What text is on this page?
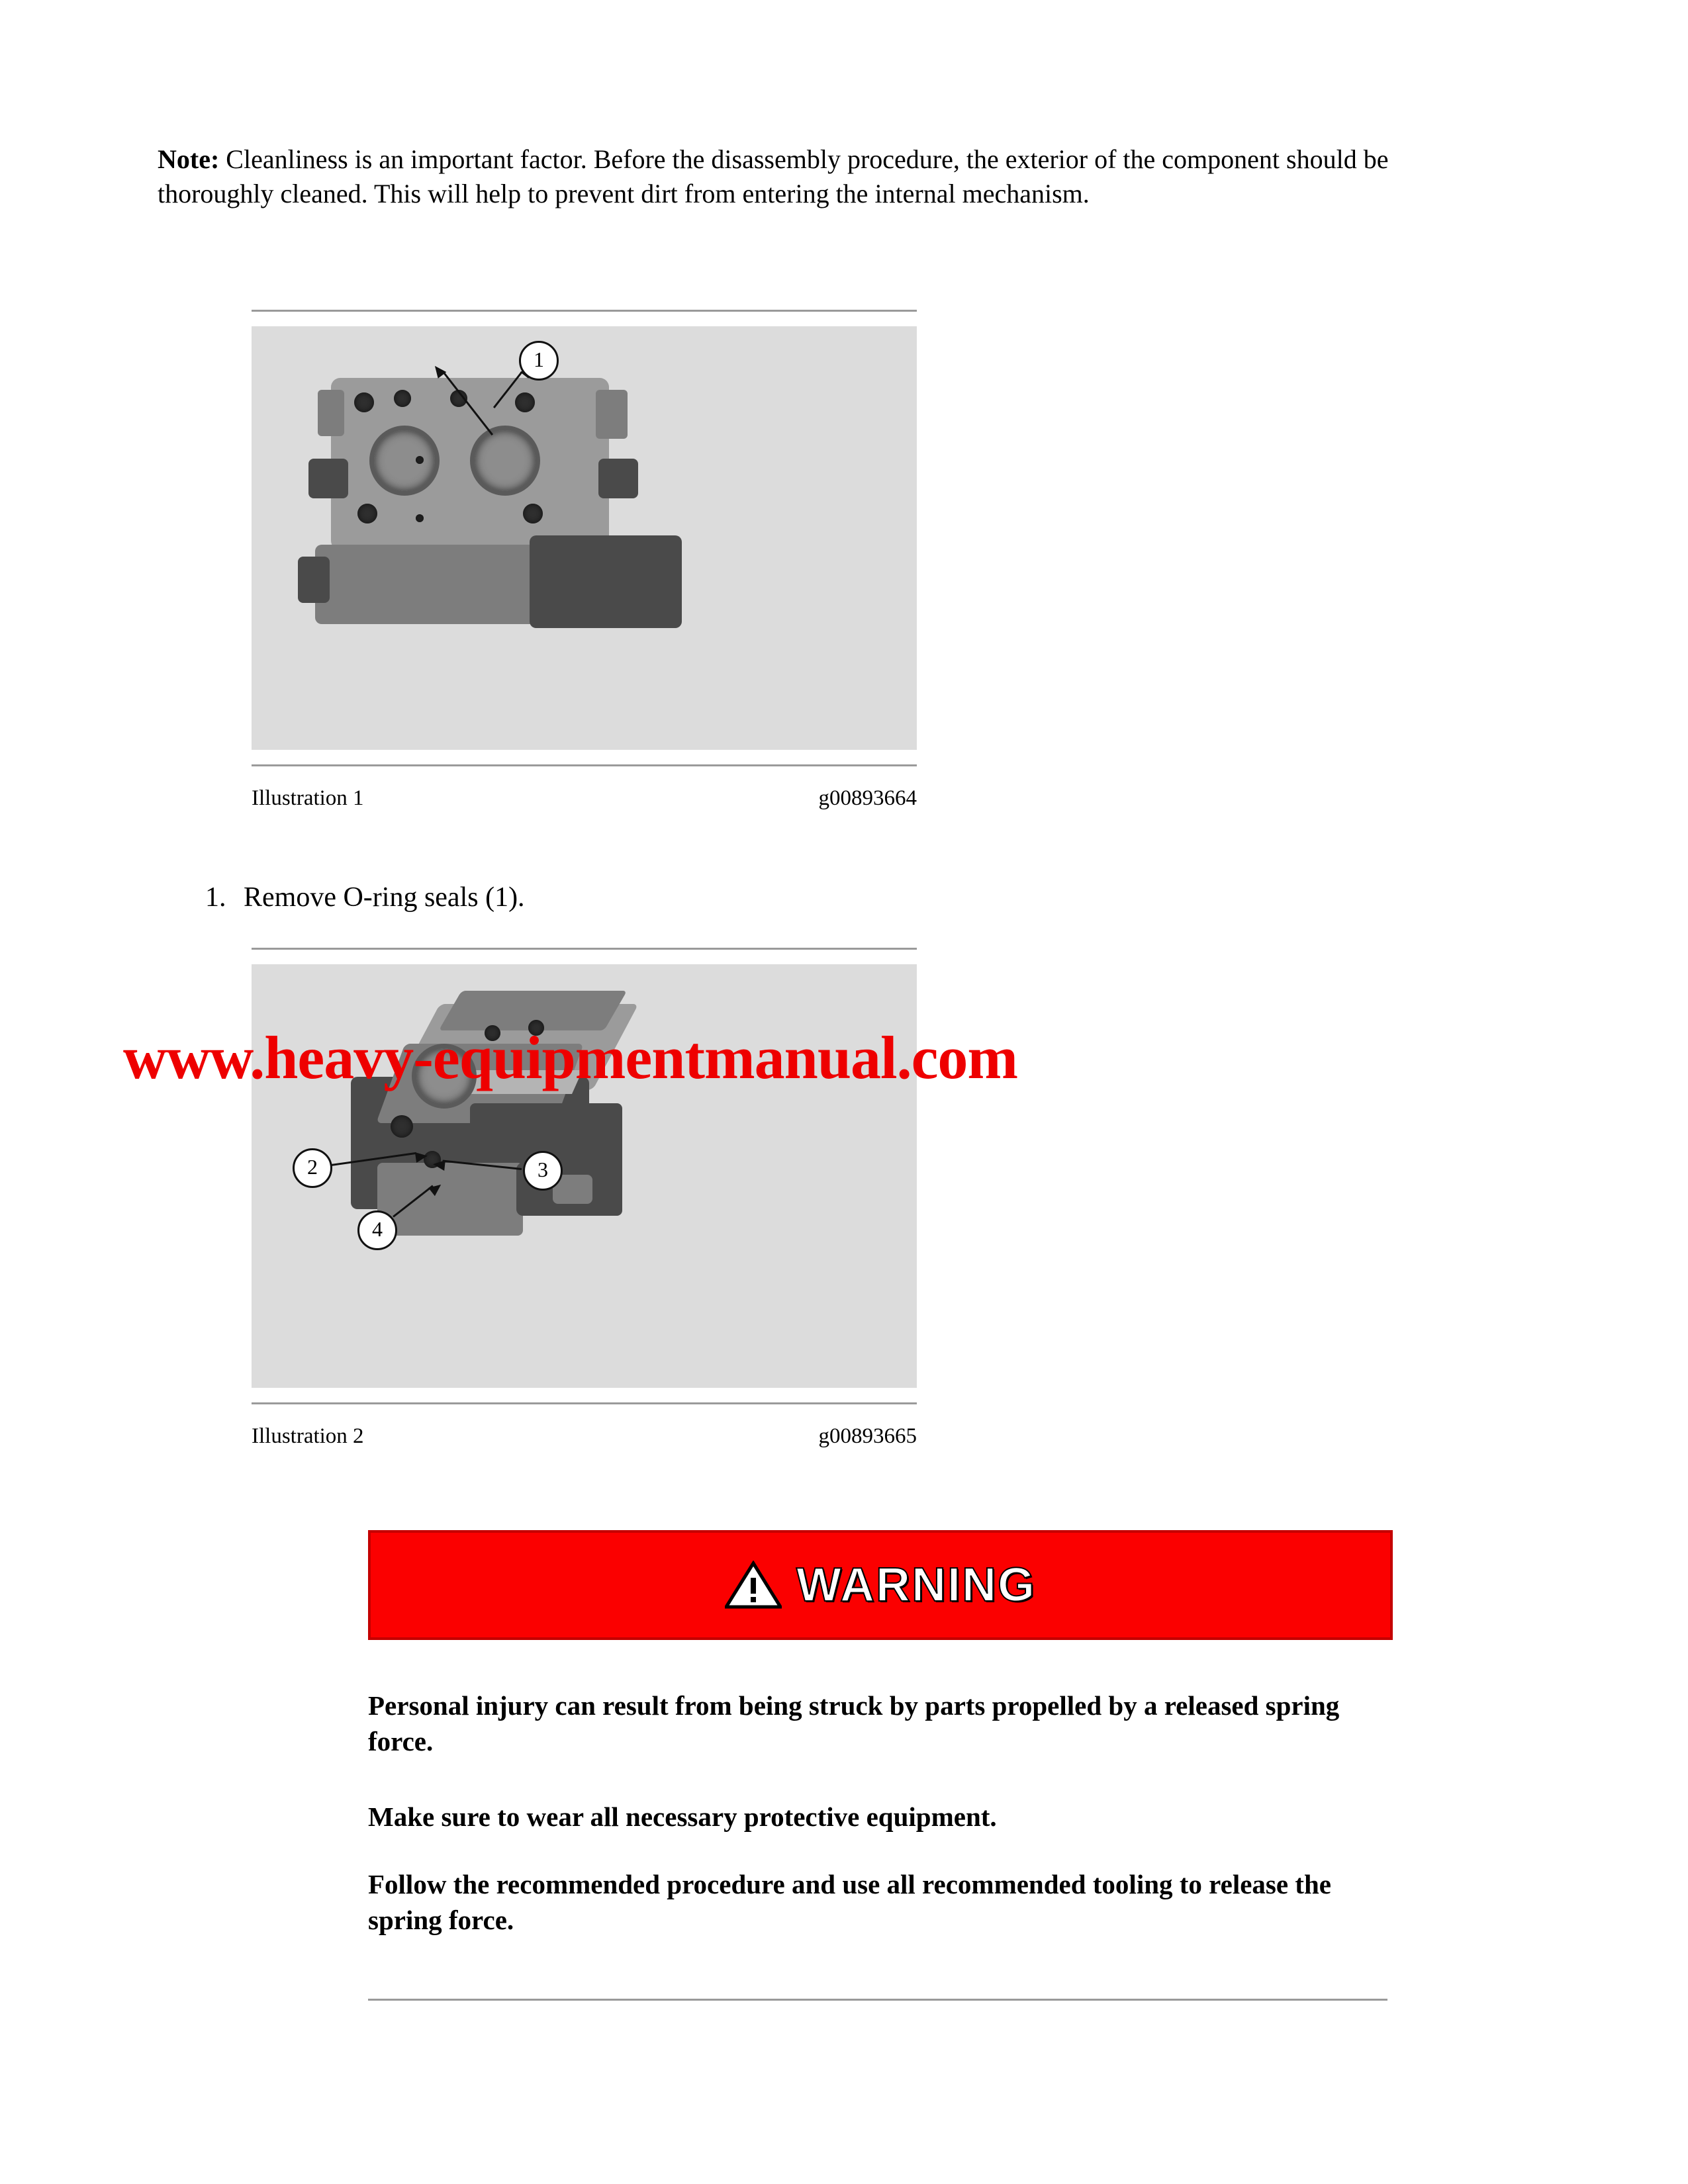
Note: Cleanliness is an important factor. Before the disassembly procedure, the exterior of the component should be thoroughly cleaned. This will help to prevent dirt from entering the internal mechanism.
1
Illustration 1	g00893664
1. Remove O-ring seals (1).
2	3
4
Illustration 2	g00893665
www.heavy-equipmentmanual.com
WARNING
Personal injury can result from being struck by parts propelled by a released spring force.
Make sure to wear all necessary protective equipment.
Follow the recommended procedure and use all recommended tooling to release the spring force.
